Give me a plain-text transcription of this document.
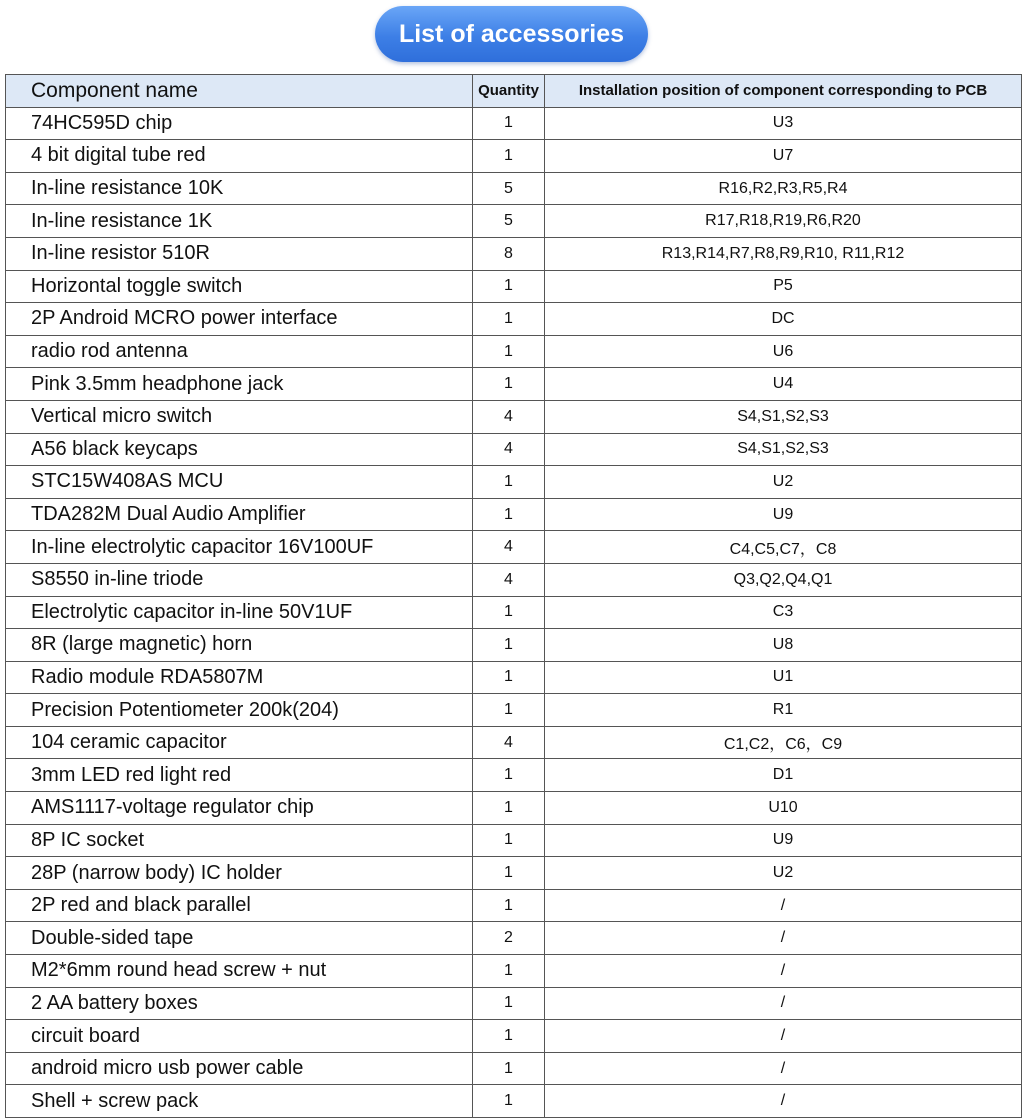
List of accessories
Component name	Quantity	Installation position of component corresponding to PCB
74HC595D chip	1	U3
4 bit digital tube red	1	U7
In-line resistance 10K	5	R16,R2,R3,R5,R4
In-line resistance 1K	5	R17,R18,R19,R6,R20
In-line resistor 510R	8	R13,R14,R7,R8,R9,R10, R11,R12
Horizontal toggle switch	1	P5
2P Android MCRO power interface	1	DC
radio rod antenna	1	U6
Pink 3.5mm headphone jack	1	U4
Vertical micro switch	4	S4,S1,S2,S3
A56 black keycaps	4	S4,S1,S2,S3
STC15W408AS MCU	1	U2
TDA282M Dual Audio Amplifier	1	U9
In-line electrolytic capacitor 16V100UF	4	C4,C5,C7，C8
S8550 in-line triode	4	Q3,Q2,Q4,Q1
Electrolytic capacitor in-line 50V1UF	1	C3
8R (large magnetic) horn	1	U8
Radio module RDA5807M	1	U1
Precision Potentiometer 200k(204)	1	R1
104 ceramic capacitor	4	C1,C2，C6，C9
3mm LED red light red	1	D1
AMS1117-voltage regulator chip	1	U10
8P IC socket	1	U9
28P (narrow body) IC holder	1	U2
2P red and black parallel	1	/
Double-sided tape	2	/
M2*6mm round head screw + nut	1	/
2 AA battery boxes	1	/
circuit board	1	/
android micro usb power cable	1	/
Shell + screw pack	1	/
